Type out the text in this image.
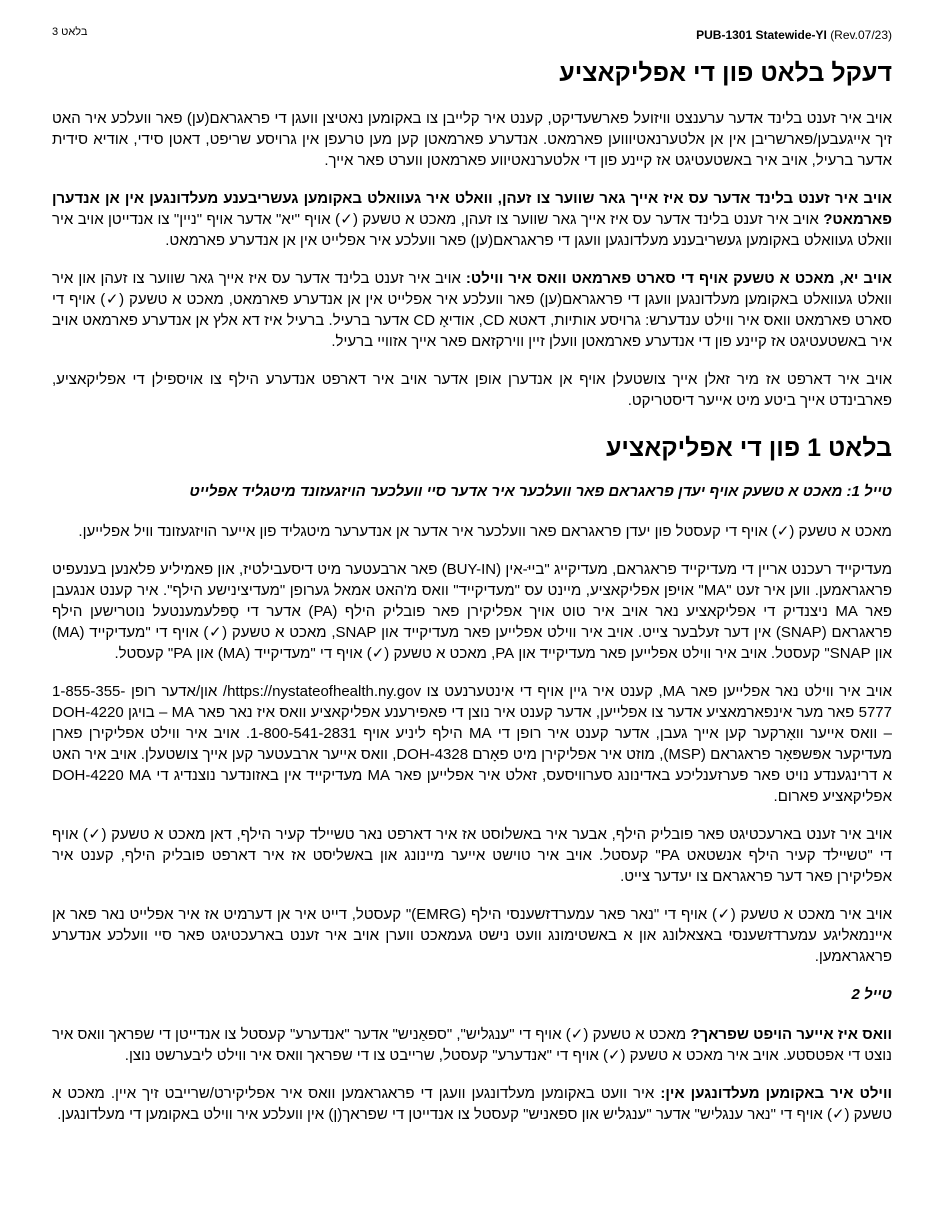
בלאט 3	PUB-1301 Statewide-YI (Rev.07/23)
דעקל בלאט פון די אפליקאציע

אויב איר זענט בלינד אדער ערענצט וויזועל פארשעדיקט, קענט איר קלייבן צו באקומען נאטיצן וועגן די פראגראם(ען) פאר וועלכע איר האט זיך אייגעבען/פארשריבן אין אן אלטערנאטיוווען פארמאט. אנדערע פארמאטן קען מען טרעפן אין גרויסע שריפט, דאטן סידי, אודיא סידית אדער ברעיל, אויב איר באשטעטיגט אז קיינע פון די אלטערנאטיווע פארמאטן ווערט פאר אייך.

אויב איר זענט בלינד אדער עס איז אייך גאר שווער צו זעהן, וואלט איר געוואלט באקומען געשריבענע מעלדונגען אין אן אנדערן פארמאט? אויב איר זענט בלינד אדער עס איז אייך גאר שווער צו זעהן, מאכט א טשעק (✓) אויף "יא" אדער אויף "ניין" צו אנדייטן אויב איר וואלט געוואלט באקומען געשריבענע מעלדונגען וועגן די פראגראם(ען) פאר וועלכע איר אפלייט אין אן אנדערע פארמאט.

אויב יא, מאכט א טשעק אויף די סארט פארמאט וואס איר ווילט: אויב איר זענט בלינד אדער עס איז אייך גאר שווער צו זעהן און איר וואלט געוואלט באקומען מעלדונגען וועגן די פראגראם(ען) פאר וועלכע איר אפלייט אין אן אנדערע פארמאט, מאכט א טשעק (✓) אויף די סארט פארמאט וואס איר ווילט ענדערש: גרויסע אותיות, דאטא CD, אודיאָ CD אדער ברעיל. ברעיל איז דא אלץ אן אנדערע פארמאט אויב איר באשטעטיגט אז קיינע פון די אנדערע פארמאטן וועלן זיין ווירקזאם פאר אייך אזוויי ברעיל.

אויב איר דארפט אז מיר זאלן אייך צושטעלן אויף אן אנדערן אופן אדער אויב איר דארפט אנדערע הילף צו אויספילן די אפליקאציע, פארבינדט אייך ביטע מיט אייער דיסטריקט.

בלאט 1 פון די אפליקאציע
טייל 1: מאכט א טשעק אויף יעדן פראגראם פאר וועלכער איר אדער סיי וועלכער הויזגעזונד מיטגליד אפלייט

מאכט א טשעק (✓) אויף די קעסטל פון יעדן פראגראם פאר וועלכער איר אדער אן אנדערער מיטגליד פון אייער הויזגעזונד וויל אפלייען.

מעדיקייד רעכנט אריין די מעדיקייד פראגראם, מעדיקייג "בייּ-אין (BUY-IN) פאר ארבעטער מיט דיסעבילטיז, און פאמיליע פלאנען בענעפיט פראגראמען. ווען איר זעט "MA" אויפן אפליקאציע, מיינט עס "מעדיקייד" וואס מ'האט אמאל גערופן "מעדיצינישע הילף". איר קענט אנגעבן פאר MA ניצנדיק די אפליקאציע נאר אויב איר טוט אויך אפליקירן פאר פובליק הילף (PA) אדער די סָפּלעמענטעל נוטרישען הילף פראגראם (SNAP) אין דער זעלבער צייט. אויב איר ווילט אפלייען פאר מעדיקייד און SNAP, מאכט א טשעק (✓) אויף די "מעדיקייד (MA) און SNAP" קעסטל. אויב איר ווילט אפלייען פאר מעדיקייד און PA, מאכט א טשעק (✓) אויף די "מעדיקייד (MA) און PA" קעסטל.

אויב איר ווילט נאר אפלייען פאר MA, קענט איר גיין אויף די אינטערנעט צו https://nystateofhealth.ny.gov/ און/אדער רופן 1-855-355-5777 פאר מער אינפארמאציע אדער צו אפלייען, אדער קענט איר נוצן די פאפירענע אפליקאציע וואס איז נאר פאר MA – בויגן DOH-4220 – וואס אייער וואָרקער קען אייך געבן, אדער קענט איר רופן די MA הילף ליניע אויף 1-800-541-2831. אויב איר ווילט אפליקירן פארן מעדיקער אפּשפּאָר פראגראם (MSP), מוזט איר אפליקירן מיט פאָרם DOH-4328, וואס אייער ארבעטער קען אייך צושטעלן. אויב איר האט א דרינגענדע נויט פאר פערזענליכע באדינונג סערוויסעס, זאלט איר אפלייען פאר MA מעדיקייד אין באזונדער נוצנדיג די DOH-4220 MA אפליקאציע פארום.

אויב איר זענט בארעכטיגט פאר פובליק הילף, אבער איר באשלוסט אז איר דארפט נאר טשיילד קעיר הילף, דאן מאכט א טשעק (✓) אויף די "טשיילד קעיר הילף אנשטאט PA" קעסטל. אויב איר טוישט אייער מיינונג און באשליסט אז איר דארפט פובליק הילף, קענט איר אפליקירן פאר דער פראגראם צו יעדער צייט.

אויב איר מאכט א טשעק (✓) אויף די "נאר פאר עמערדזשענסי הילף (EMRG)" קעסטל, דייט איר אן דערמיט אז איר אפלייט נאר פאר אן איינמאליגע עמערדזשענסי באצאלונג און א באשטימונג וועט נישט געמאכט ווערן אויב איר זענט בארעכטיגט פאר סיי וועלכע אנדערע פראגראמען.

טייל 2

וואס איז אייער הויפט שפראך? מאכט א טשעק (✓) אויף די "ענגליש", "ספאַניש" אדער "אנדערע" קעסטל צו אנדייטן די שפראך וואס איר נוצט די אפטסטע. אויב איר מאכט א טשעק (✓) אויף די "אנדערע" קעסטל, שרייבט צו די שפראך וואס איר ווילט ליבערשט נוצן.

ווילט איר באקומען מעלדונגען אין: איר וועט באקומען מעלדונגען וועגן די פראגראמען וואס איר אפליקירט/שרייבט זיך איין. מאכט א טשעק (✓) אויף די "נאר ענגליש" אדער "ענגליש און ספאניש" קעסטל צו אנדייטן די שפראך(ן) אין וועלכע איר ווילט באקומען די מעלדונגען.
